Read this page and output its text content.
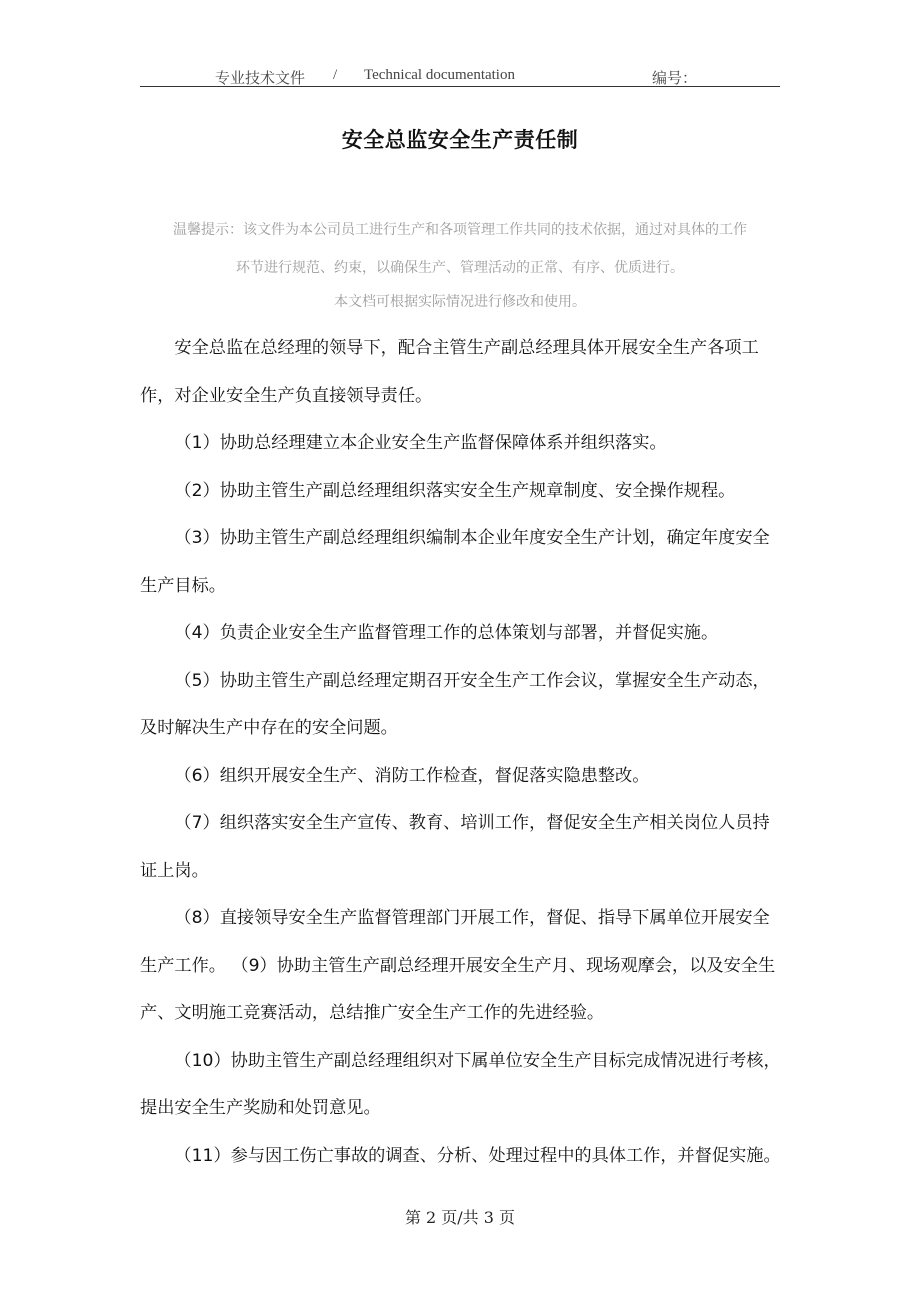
专业技术文件 / Technical documentation	编号：
安全总监安全生产责任制
温馨提示：该文件为本公司员工进行生产和各项管理工作共同的技术依据，通过对具体的工作
环节进行规范、约束，以确保生产、管理活动的正常、有序、优质进行。
本文档可根据实际情况进行修改和使用。

安全总监在总经理的领导下，配合主管生产副总经理具体开展安全生产各项工作，对企业安全生产负直接领导责任。

（1）协助总经理建立本企业安全生产监督保障体系并组织落实。

（2）协助主管生产副总经理组织落实安全生产规章制度、安全操作规程。

（3）协助主管生产副总经理组织编制本企业年度安全生产计划，确定年度安全生产目标。

（4）负责企业安全生产监督管理工作的总体策划与部署，并督促实施。

（5）协助主管生产副总经理定期召开安全生产工作会议，掌握安全生产动态，及时解决生产中存在的安全问题。

（6）组织开展安全生产、消防工作检查，督促落实隐患整改。

（7）组织落实安全生产宣传、教育、培训工作，督促安全生产相关岗位人员持证上岗。

（8）直接领导安全生产监督管理部门开展工作，督促、指导下属单位开展安全生产工作。 （9）协助主管生产副总经理开展安全生产月、现场观摩会，以及安全生产、文明施工竞赛活动，总结推广安全生产工作的先进经验。

（10）协助主管生产副总经理组织对下属单位安全生产目标完成情况进行考核，提出安全生产奖励和处罚意见。

（11）参与因工伤亡事故的调查、分析、处理过程中的具体工作，并督促实施。

第 2 页/共 3 页
